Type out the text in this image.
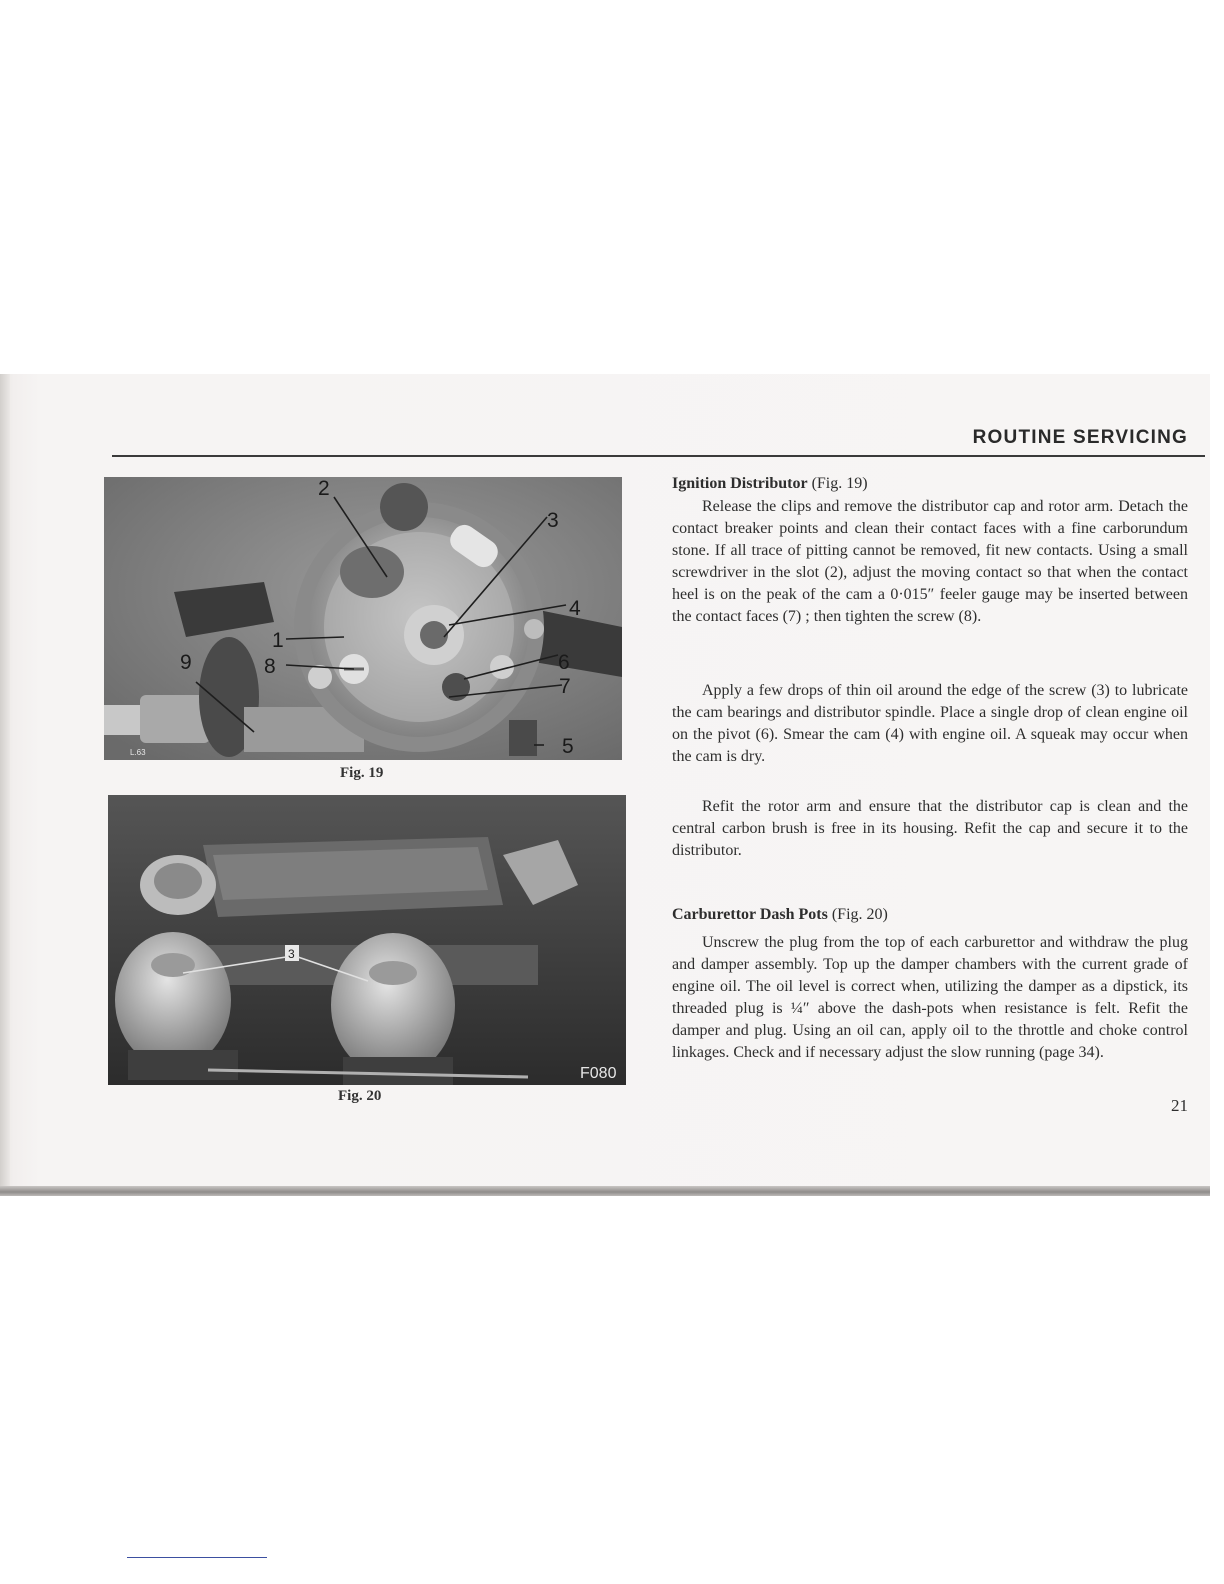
ROUTINE SERVICING
2
3
4
1
9	8	6
7
5
L.63
Fig. 19
3
F080
Fig. 20
Ignition Distributor (Fig. 19)

Release the clips and remove the distributor cap and rotor arm. Detach the contact breaker points and clean their contact faces with a fine carborundum stone. If all trace of pitting cannot be removed, fit new contacts. Using a small screwdriver in the slot (2), adjust the moving contact so that when the contact heel is on the peak of the cam a 0·015″ feeler gauge may be inserted between the contact faces (7) ; then tighten the screw (8).

Apply a few drops of thin oil around the edge of the screw (3) to lubricate the cam bearings and distributor spindle. Place a single drop of clean engine oil on the pivot (6). Smear the cam (4) with engine oil. A squeak may occur when the cam is dry.

Refit the rotor arm and ensure that the distributor cap is clean and the central carbon brush is free in its housing. Refit the cap and secure it to the distributor.

Carburettor Dash Pots (Fig. 20)

Unscrew the plug from the top of each carburettor and withdraw the plug and damper assembly. Top up the damper chambers with the current grade of engine oil. The oil level is correct when, utilizing the damper as a dipstick, its threaded plug is ¼″ above the dash-pots when resistance is felt. Refit the damper and plug. Using an oil can, apply oil to the throttle and choke control linkages. Check and if necessary adjust the slow running (page 34).

21
